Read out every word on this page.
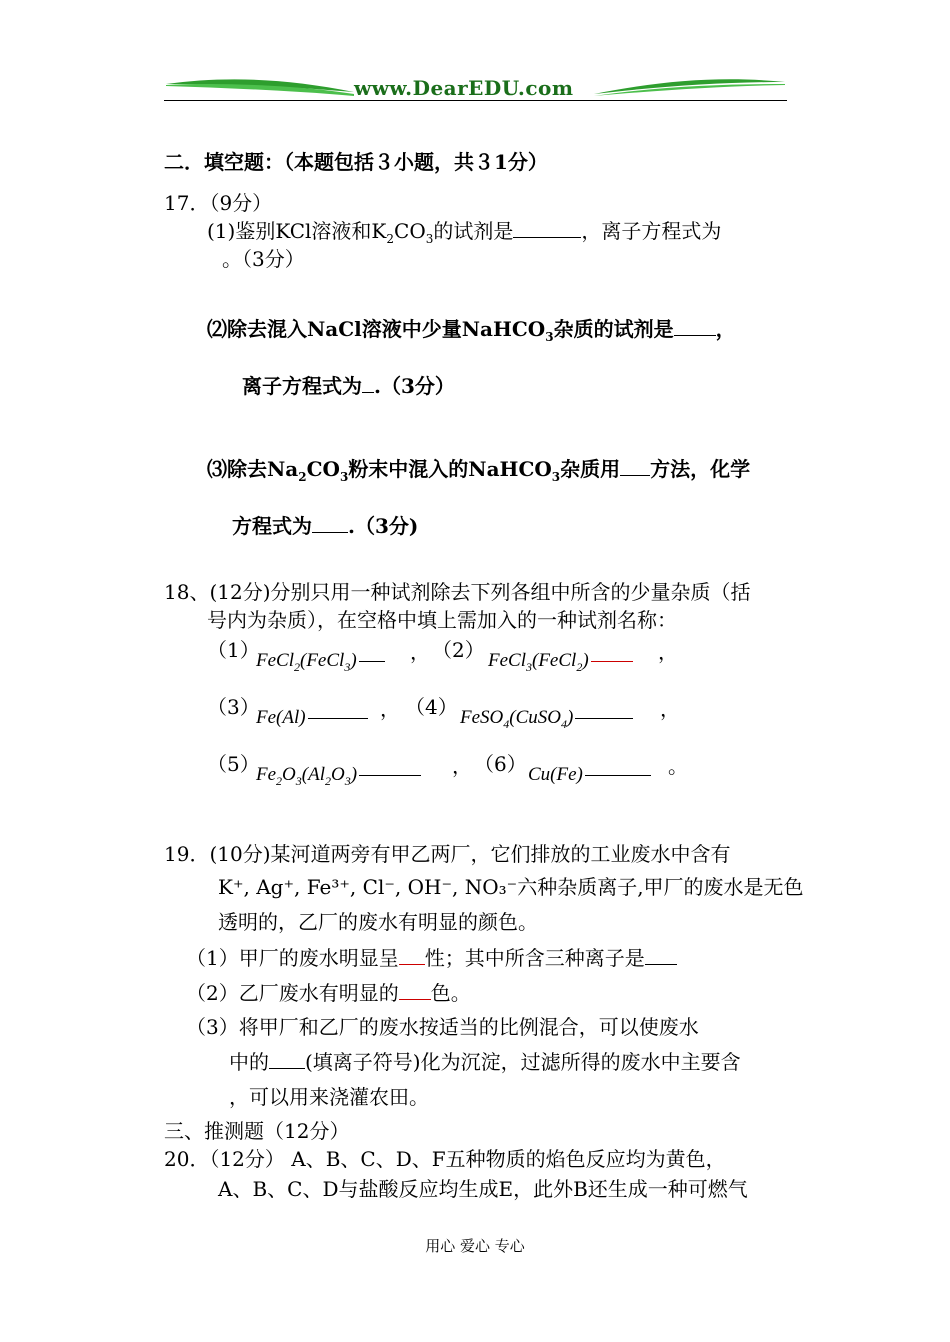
www.DearEDU.com
二．填空题：（本题包括３小题，共３1分）
17．（9分）
(1)鉴别KCl溶液和$K_2CO_3$的试剂是	，离子方程式为
。（3分）
⑵除去混入NaCl溶液中少量NaHCO$_3$杂质的试剂是 ，
离子方程式为 .（3分）
⑶除去$Na_2CO_3$粉末中混入的NaHCO$_3$杂质用 方法，化学
方程式为 .（3分)
18、(12分)分别只用一种试剂除去下列各组中所含的少量杂质（括
号内为杂质），在空格中填上需加入的一种试剂名称：
（1）
FeCl$_2$(FeCl$_3$)	， （2） FeCl$_3$(FeCl$_2$)	，
（3）
Fe(Al)	， （4） FeSO$_4$(CuSO$_4$)	，
（5）
$Fe_2O_3(Al_2O_3)$	， （6） Cu(Fe)	。
19．(10分)某河道两旁有甲乙两厂，它们排放的工业废水中含有
K⁺, Ag⁺, Fe³⁺, Cl⁻, OH⁻, NO₃⁻六种杂质离子,甲厂的废水是无色
透明的，乙厂的废水有明显的颜色。
（1）甲厂的废水明显呈 性；其中所含三种离子是
（2）乙厂废水有明显的 色。
（3）将甲厂和乙厂的废水按适当的比例混合，可以使废水
中的 (填离子符号)化为沉淀，过滤所得的废水中主要含
，可以用来浇灌农田。
三、推测题（12分）
20．（12分） A、B、C、D、F五种物质的焰色反应均为黄色，
A、B、C、D与盐酸反应均生成E，此外B还生成一种可燃气
用心 爱心 专心
